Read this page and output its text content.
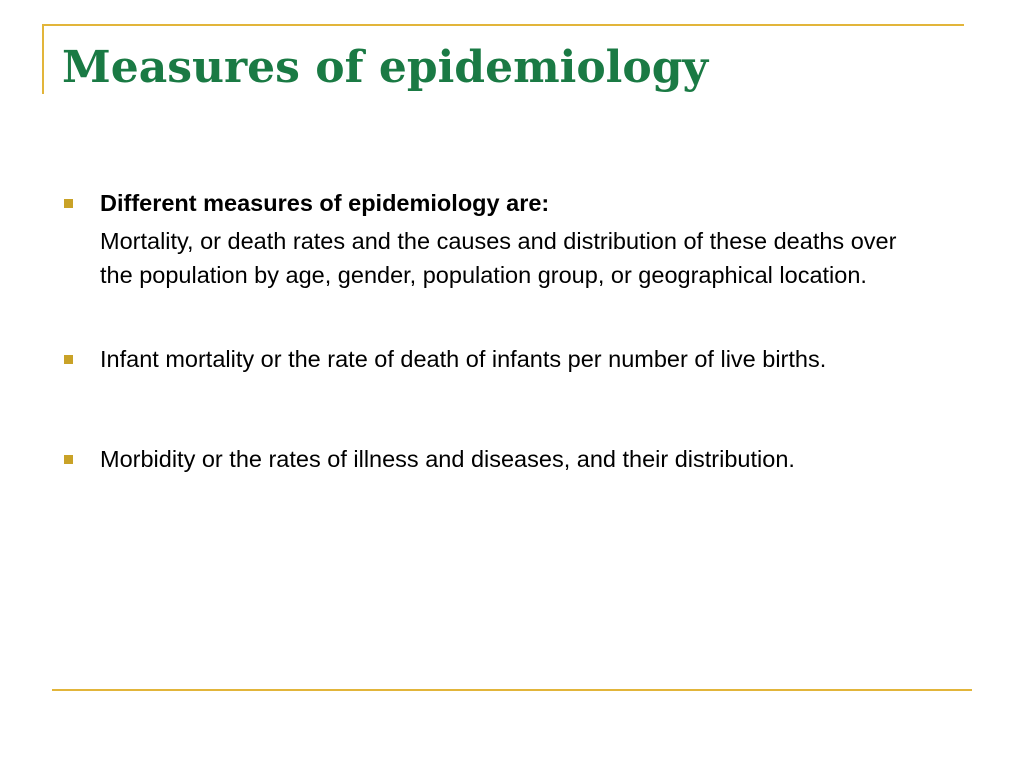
Measures of epidemiology

Different measures of epidemiology are:

Mortality, or death rates and the causes and distribution of these deaths over the population by age, gender, population group, or geographical location.

Infant mortality or the rate of death of infants per number of live births.

Morbidity or the rates of illness and diseases, and their distribution.
